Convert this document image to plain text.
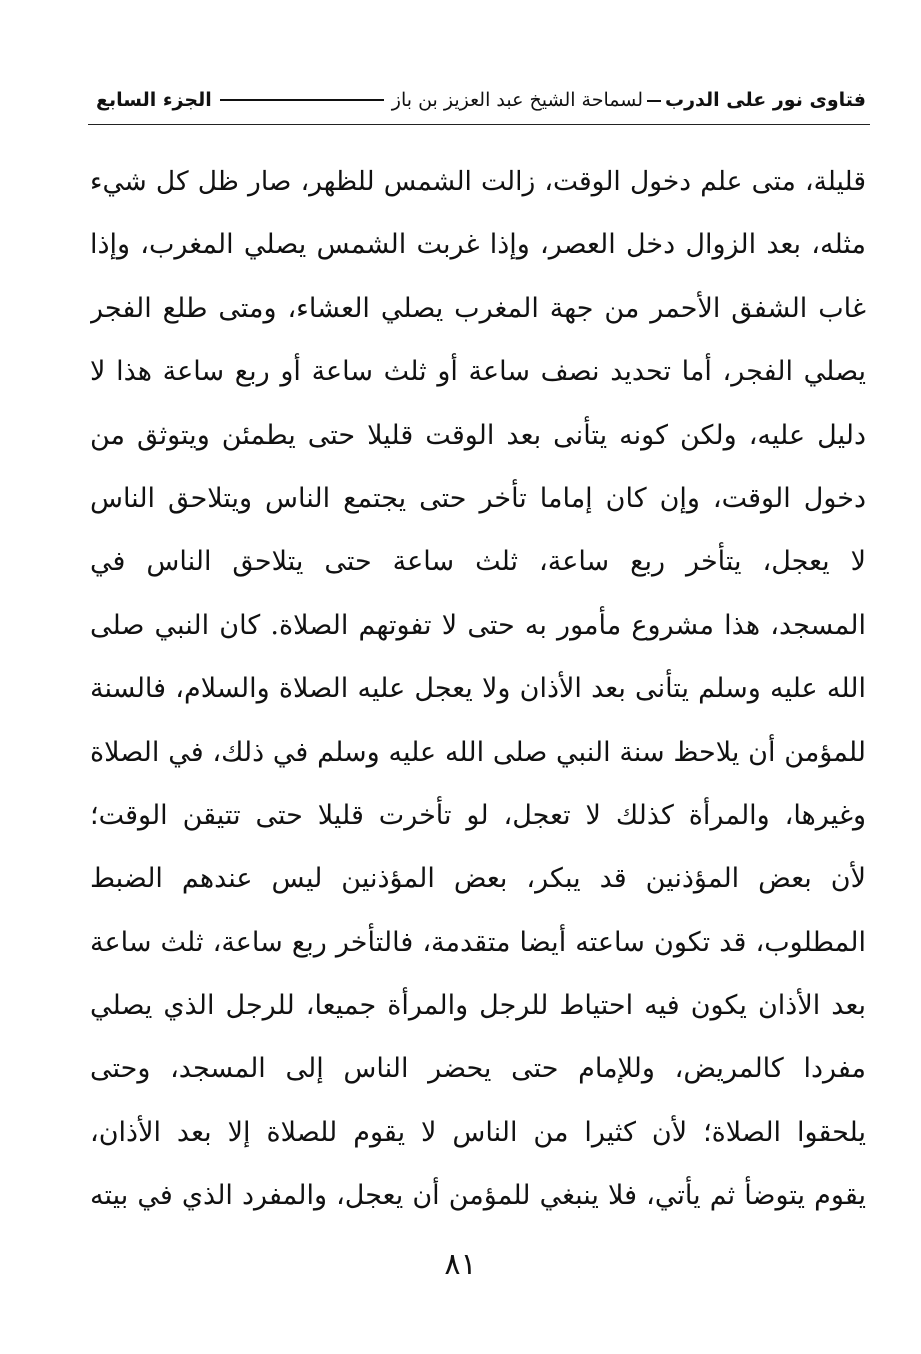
فتاوى نور على الدربلسماحة الشيخ عبد العزيز بن باز
الجزء السابع
قليلة، متى علم دخول الوقت، زالت الشمس للظهر، صار ظل كل شيء
مثله، بعد الزوال دخل العصر، وإذا غربت الشمس يصلي المغرب، وإذا
غاب الشفق الأحمر من جهة المغرب يصلي العشاء، ومتى طلع الفجر
يصلي الفجر، أما تحديد نصف ساعة أو ثلث ساعة أو ربع ساعة هذا لا
دليل عليه، ولكن كونه يتأنى بعد الوقت قليلا حتى يطمئن ويتوثق من
دخول الوقت، وإن كان إماما تأخر حتى يجتمع الناس ويتلاحق الناس
لا يعجل، يتأخر ربع ساعة، ثلث ساعة حتى يتلاحق الناس في
المسجد، هذا مشروع مأمور به حتى لا تفوتهم الصلاة. كان النبي صلى
الله عليه وسلم يتأنى بعد الأذان ولا يعجل عليه الصلاة والسلام، فالسنة
للمؤمن أن يلاحظ سنة النبي صلى الله عليه وسلم في ذلك، في الصلاة
وغيرها، والمرأة كذلك لا تعجل، لو تأخرت قليلا حتى تتيقن الوقت؛
لأن بعض المؤذنين قد يبكر، بعض المؤذنين ليس عندهم الضبط
المطلوب، قد تكون ساعته أيضا متقدمة، فالتأخر ربع ساعة، ثلث ساعة
بعد الأذان يكون فيه احتياط للرجل والمرأة جميعا، للرجل الذي يصلي
مفردا كالمريض، وللإمام حتى يحضر الناس إلى المسجد، وحتى
يلحقوا الصلاة؛ لأن كثيرا من الناس لا يقوم للصلاة إلا بعد الأذان،
يقوم يتوضأ ثم يأتي، فلا ينبغي للمؤمن أن يعجل، والمفرد الذي في بيته
٨١
